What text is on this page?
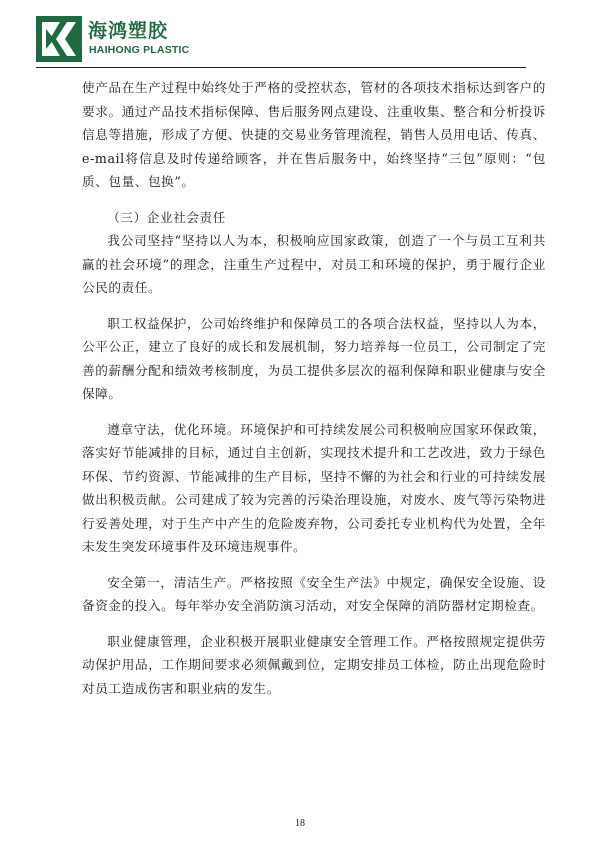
海鸿塑胶
HAIHONG PLASTIC

使产品在生产过程中始终处于严格的受控状态，管材的各项技术指标达到客户的要求。通过产品技术指标保障、售后服务网点建设、注重收集、整合和分析投诉信息等措施，形成了方便、快捷的交易业务管理流程，销售人员用电话、传真、e-mail将信息及时传递给顾客，并在售后服务中，始终坚持“三包”原则：“包质、包量、包换”。

（三）企业社会责任

我公司坚持“坚持以人为本，积极响应国家政策，创造了一个与员工互利共赢的社会环境”的理念，注重生产过程中，对员工和环境的保护，勇于履行企业公民的责任。

职工权益保护，公司始终维护和保障员工的各项合法权益，坚持以人为本，公平公正，建立了良好的成长和发展机制，努力培养每一位员工，公司制定了完善的薪酬分配和绩效考核制度，为员工提供多层次的福利保障和职业健康与安全保障。

遵章守法，优化环境。环境保护和可持续发展公司积极响应国家环保政策，落实好节能减排的目标，通过自主创新，实现技术提升和工艺改进，致力于绿色环保、节约资源、节能减排的生产目标，坚持不懈的为社会和行业的可持续发展做出积极贡献。公司建成了较为完善的污染治理设施，对废水、废气等污染物进行妥善处理，对于生产中产生的危险废弃物，公司委托专业机构代为处置，全年未发生突发环境事件及环境违规事件。

安全第一，清洁生产。严格按照《安全生产法》中规定，确保安全设施、设备资金的投入。每年举办安全消防演习活动，对安全保障的消防器材定期检查。

职业健康管理，企业积极开展职业健康安全管理工作。严格按照规定提供劳动保护用品，工作期间要求必须佩戴到位，定期安排员工体检，防止出现危险时对员工造成伤害和职业病的发生。

18
